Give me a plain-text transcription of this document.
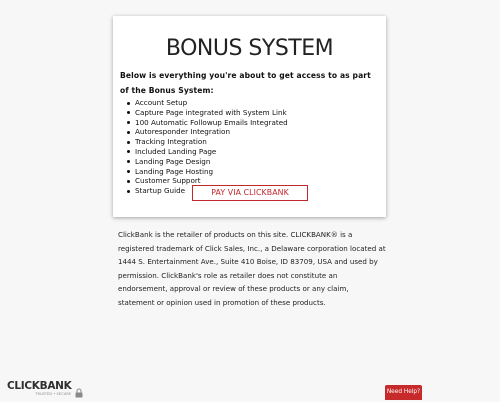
BONUS SYSTEM
Below is everything you're about to get access to as part of the Bonus System:
Account Setup
Capture Page integrated with System Link
100 Automatic Followup Emails Integrated
Autoresponder Integration
Tracking Integration
Included Landing Page
Landing Page Design
Landing Page Hosting
Customer Support
Startup Guide	PAY VIA CLICKBANK
ClickBank is the retailer of products on this site. CLICKBANK® is a registered trademark of Click Sales, Inc., a Delaware corporation located at 1444 S. Entertainment Ave., Suite 410 Boise, ID 83709, USA and used by permission. ClickBank's role as retailer does not constitute an endorsement, approval or review of these products or any claim, statement or opinion used in promotion of these products.
CLICKBANK
TRUSTED • SECURE	Need Help?
